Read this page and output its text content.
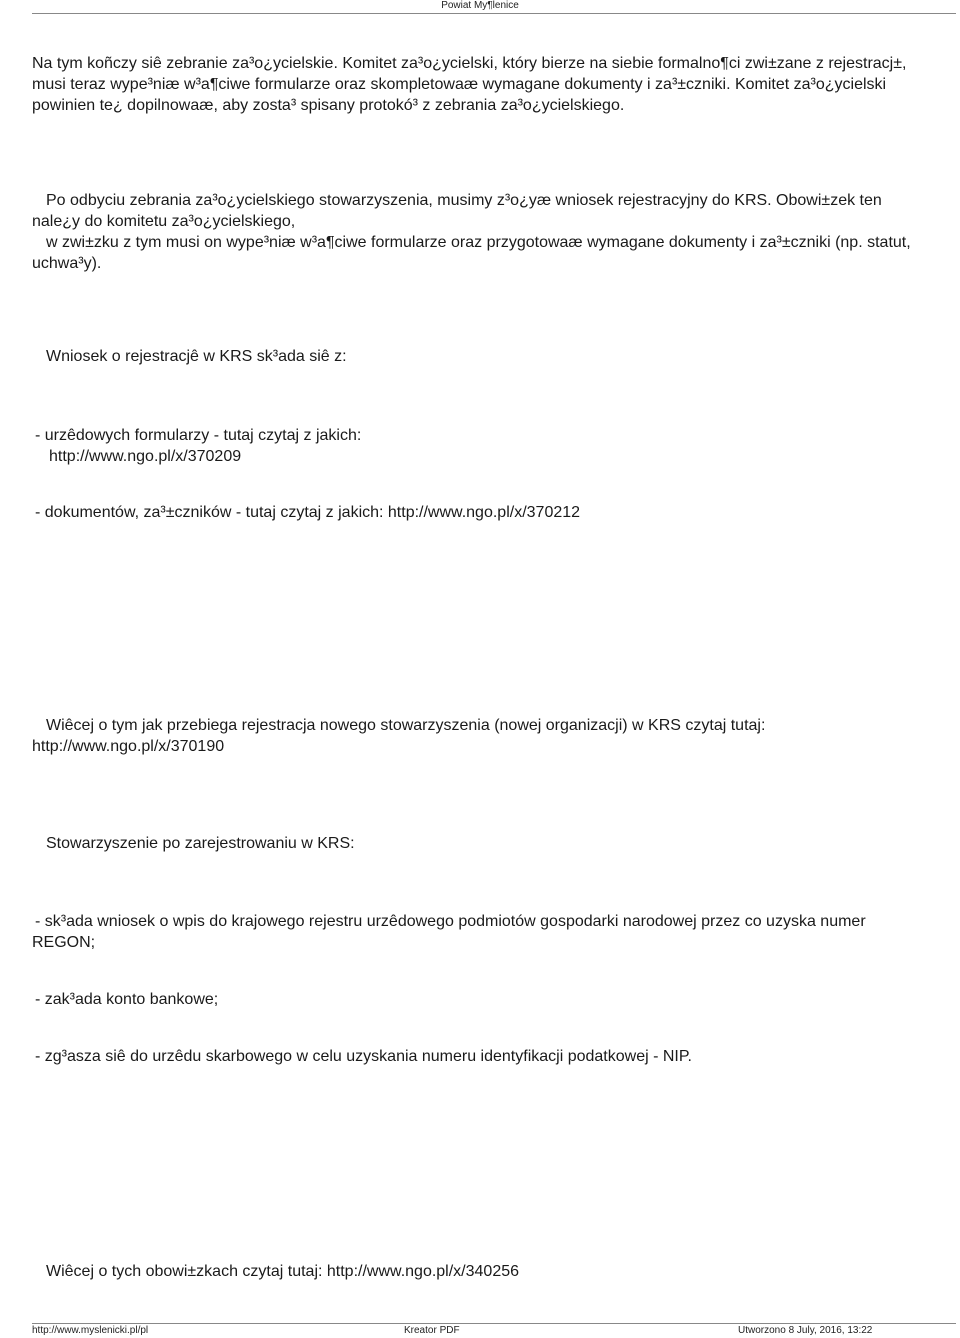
Powiat My¶lenice

Na tym koñczy siê zebranie za³o¿ycielskie. Komitet za³o¿ycielski, który bierze na siebie formalno¶ci zwi±zane z rejestracj±, musi teraz wype³niæ w³a¶ciwe formularze oraz skompletowaæ wymagane dokumenty i za³±czniki. Komitet za³o¿ycielski powinien te¿ dopilnowaæ, aby zosta³ spisany protokó³ z zebrania za³o¿ycielskiego.

Po odbyciu zebrania za³o¿ycielskiego stowarzyszenia, musimy z³o¿yæ wniosek rejestracyjny do KRS. Obowi±zek ten
nale¿y do komitetu za³o¿ycielskiego,

w zwi±zku z tym musi on wype³niæ w³a¶ciwe formularze oraz przygotowaæ wymagane dokumenty i za³±czniki (np. statut,
uchwa³y).

Wniosek o rejestracjê w KRS sk³ada siê z:

- urzêdowych formularzy - tutaj czytaj z jakich:
http://www.ngo.pl/x/370209

- dokumentów, za³±czników - tutaj czytaj z jakich: http://www.ngo.pl/x/370212

Wiêcej o tym jak przebiega rejestracja nowego stowarzyszenia (nowej organizacji) w KRS czytaj tutaj:
http://www.ngo.pl/x/370190

Stowarzyszenie po zarejestrowaniu w KRS:

- sk³ada wniosek o wpis do krajowego rejestru urzêdowego podmiotów gospodarki narodowej przez co uzyska numer
REGON;

- zak³ada konto bankowe;

- zg³asza siê do urzêdu skarbowego w celu uzyskania numeru identyfikacji podatkowej - NIP.

Wiêcej o tych obowi±zkach czytaj tutaj: http://www.ngo.pl/x/340256

http://www.myslenicki.pl/pl	Kreator PDF	Utworzono 8 July, 2016, 13:22
